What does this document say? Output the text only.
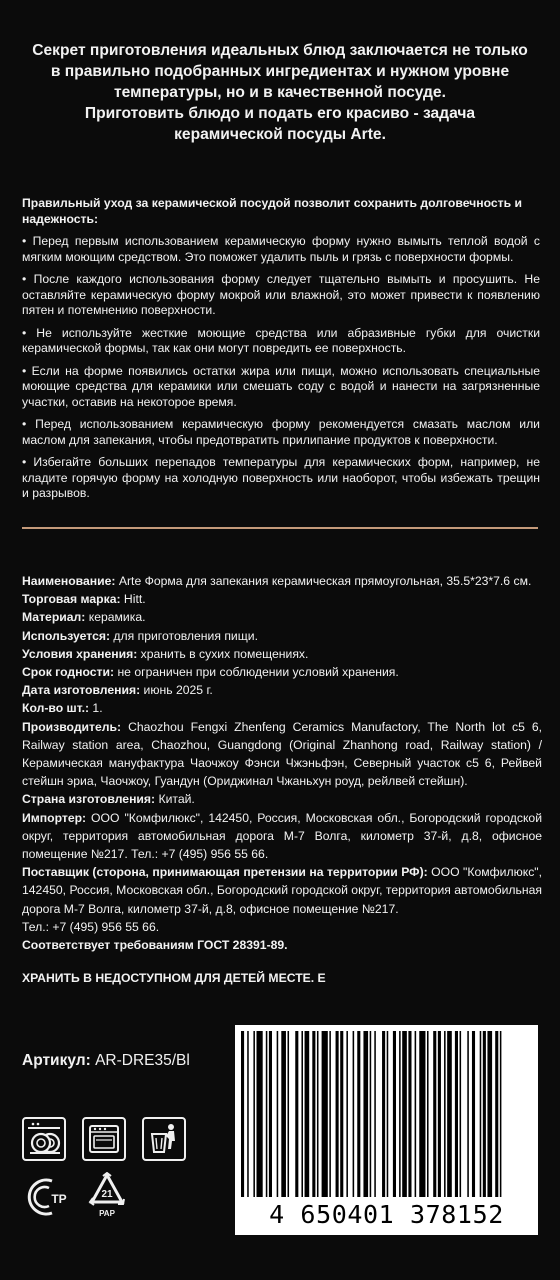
Секрет приготовления идеальных блюд заключается не только

в правильно подобранных ингредиентах и нужном уровне

температуры, но и в качественной посуде.

Приготовить блюдо и подать его красиво - задача

керамической посуды Arte.

Правильный уход за керамической посудой позволит сохранить долговечность и надежность:
• Перед первым использованием керамическую форму нужно вымыть теплой водой с мягким моющим средством. Это поможет удалить пыль и грязь с поверхности формы.
• После каждого использования форму следует тщательно вымыть и просушить. Не оставляйте керамическую форму мокрой или влажной, это может привести к появлению пятен и потемнению поверхности.
• Не используйте жесткие моющие средства или абразивные губки для очистки керамической формы, так как они могут повредить ее поверхность.
• Если на форме появились остатки жира или пищи, можно использовать специальные моющие средства для керамики или смешать соду с водой и нанести на загрязненные участки, оставив на некоторое время.
• Перед использованием керамическую форму рекомендуется смазать маслом или маслом для запекания, чтобы предотвратить прилипание продуктов к поверхности.
• Избегайте больших перепадов температуры для керамических форм, например, не кладите горячую форму на холодную поверхность или наоборот, чтобы избежать трещин и разрывов.
Наименование: Arte Форма для запекания керамическая прямоугольная, 35.5*23*7.6 см.
Торговая марка: Hitt.
Материал: керамика.
Используется: для приготовления пищи.
Условия хранения: хранить в сухих помещениях.
Срок годности: не ограничен при соблюдении условий хранения.
Дата изготовления: июнь 2025 г.
Кол-во шт.: 1.
Производитель: Chaozhou Fengxi Zhenfeng Ceramics Manufactory, The North lot c5 6, Railway station area, Chaozhou, Guangdong (Original Zhanhong road, Railway station) / Керамическая мануфактура Чаочжоу Фэнси Чжэньфэн, Северный участок с5 6, Рейвей стейшн эриа, Чаочжоу, Гуандун (Ориджинал Чжаньхун роуд, рейлвей стейшн).
Страна изготовления: Китай.
Импортер: ООО "Комфилюкс", 142450, Россия, Московская обл., Богородский городской округ, территория автомобильная дорога М-7 Волга, километр 37-й, д.8, офисное помещение №217. Тел.: +7 (495) 956 55 66.
Поставщик (сторона, принимающая претензии на территории РФ): ООО "Комфилюкс", 142450, Россия, Московская обл., Богородский городской округ, территория автомобильная дорога М-7 Волга, километр 37-й, д.8, офисное помещение №217.
Тел.: +7 (495) 956 55 66.
Соответствует требованиям ГОСТ 28391-89.
ХРАНИТЬ В НЕДОСТУПНОМ ДЛЯ ДЕТЕЙ МЕСТЕ. Е
Артикул: AR-DRE35/Bl
ТР	21
PAP	4 650401 378152
